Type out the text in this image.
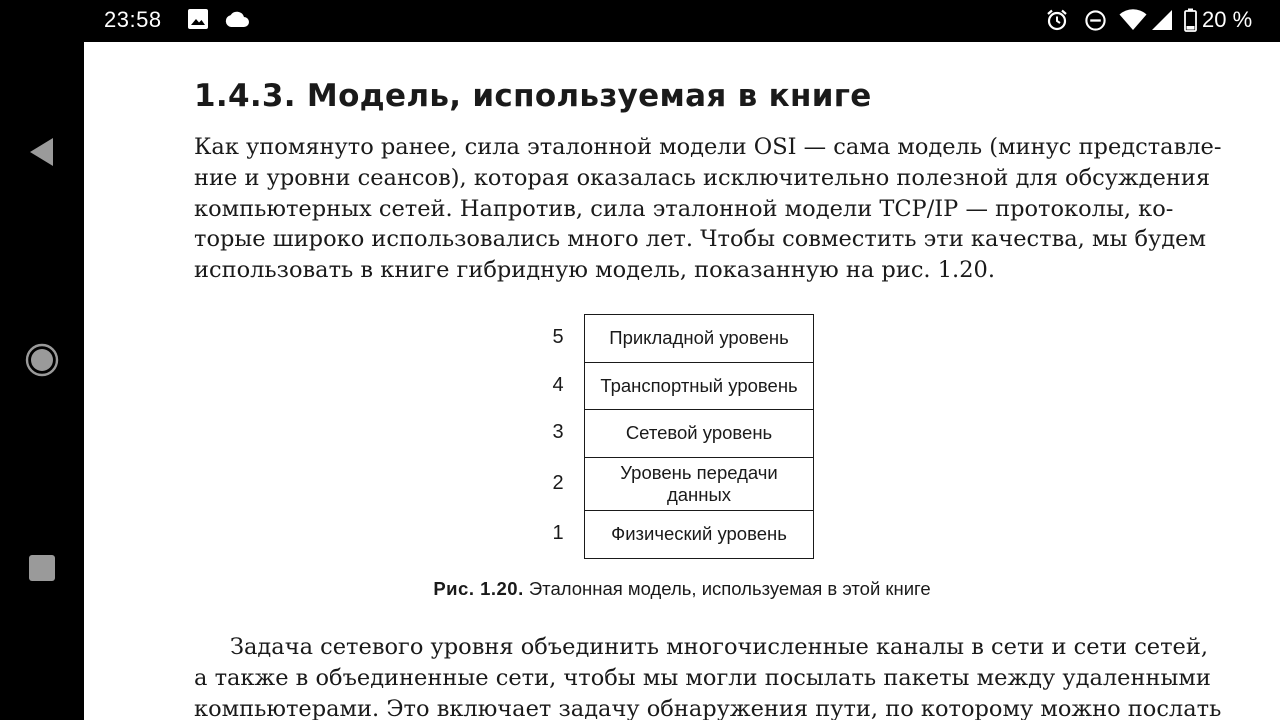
23:58	20 %
1.4.3. Модель, используемая в книге

Как упомянуто ранее, сила эталонной модели OSI — сама модель (минус представле-
ние и уровни сеансов), которая оказалась исключительно полезной для обсуждения
компьютерных сетей. Напротив, сила эталонной модели TCP/IP — протоколы, ко-
торые широко использовались много лет. Чтобы совместить эти качества, мы будем
использовать в книге гибридную модель, показанную на рис. 1.20.

5
4
3
2
1
Прикладной уровень
Транспортный уровень
Сетевой уровень
Уровень передачи данных
Физический уровень

Рис. 1.20. Эталонная модель, используемая в этой книге

Задача сетевого уровня объединить многочисленные каналы в сети и сети сетей,
а также в объединенные сети, чтобы мы могли посылать пакеты между удаленными
компьютерами. Это включает задачу обнаружения пути, по которому можно послать
